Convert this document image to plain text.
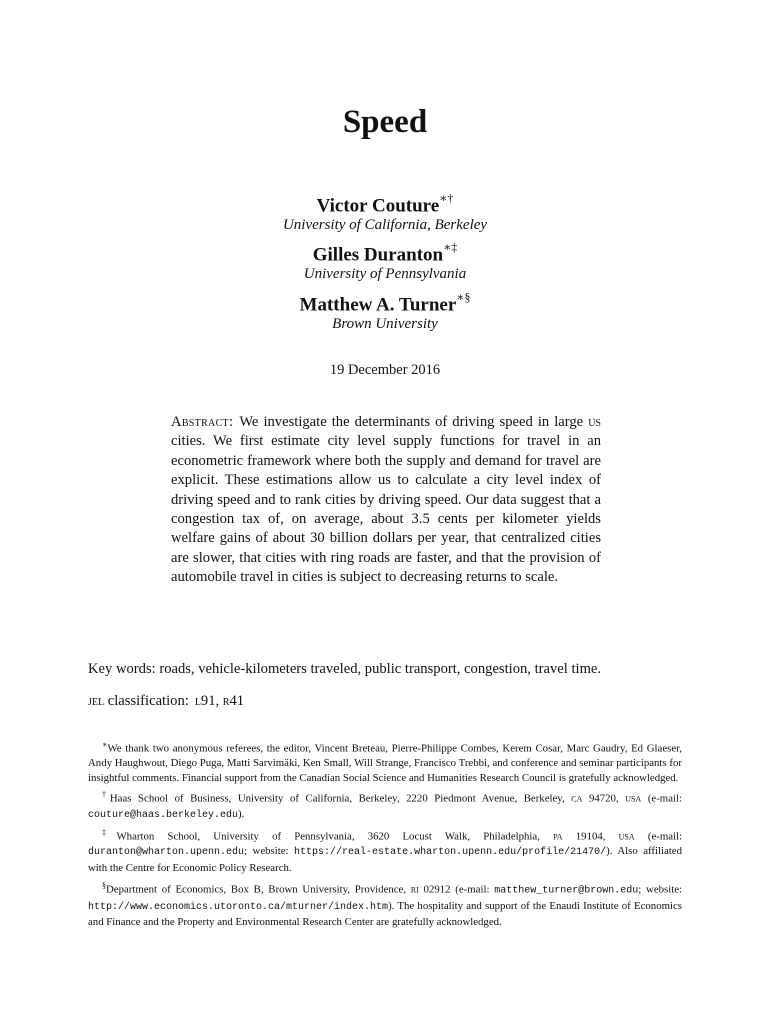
Speed
Victor Couture∗†
University of California, Berkeley
Gilles Duranton∗‡
University of Pennsylvania
Matthew A. Turner∗§
Brown University
19 December 2016
Abstract: We investigate the determinants of driving speed in large us cities. We first estimate city level supply functions for travel in an econometric framework where both the supply and demand for travel are explicit. These estimations allow us to calculate a city level index of driving speed and to rank cities by driving speed. Our data suggest that a congestion tax of, on average, about 3.5 cents per kilometer yields welfare gains of about 30 billion dollars per year, that centralized cities are slower, that cities with ring roads are faster, and that the provision of automobile travel in cities is subject to decreasing returns to scale.
Key words: roads, vehicle-kilometers traveled, public transport, congestion, travel time.
jel classification: l91, r41

∗We thank two anonymous referees, the editor, Vincent Breteau, Pierre-Philippe Combes, Kerem Cosar, Marc Gaudry, Ed Glaeser, Andy Haughwout, Diego Puga, Matti Sarvimäki, Ken Small, Will Strange, Francisco Trebbi, and conference and seminar participants for insightful comments. Financial support from the Canadian Social Science and Humanities Research Council is gratefully acknowledged.

†Haas School of Business, University of California, Berkeley, 2220 Piedmont Avenue, Berkeley, ca 94720, usa (e-mail: couture@haas.berkeley.edu).

‡Wharton School, University of Pennsylvania, 3620 Locust Walk, Philadelphia, pa 19104, usa (e-mail: duranton@wharton.upenn.edu; website: https://real-estate.wharton.upenn.edu/profile/21470/). Also affiliated with the Centre for Economic Policy Research.

§Department of Economics, Box B, Brown University, Providence, ri 02912 (e-mail: matthew_turner@brown.edu; website: http://www.economics.utoronto.ca/mturner/index.htm). The hospitality and support of the Enaudi Institute of Economics and Finance and the Property and Environmental Research Center are gratefully acknowledged.
